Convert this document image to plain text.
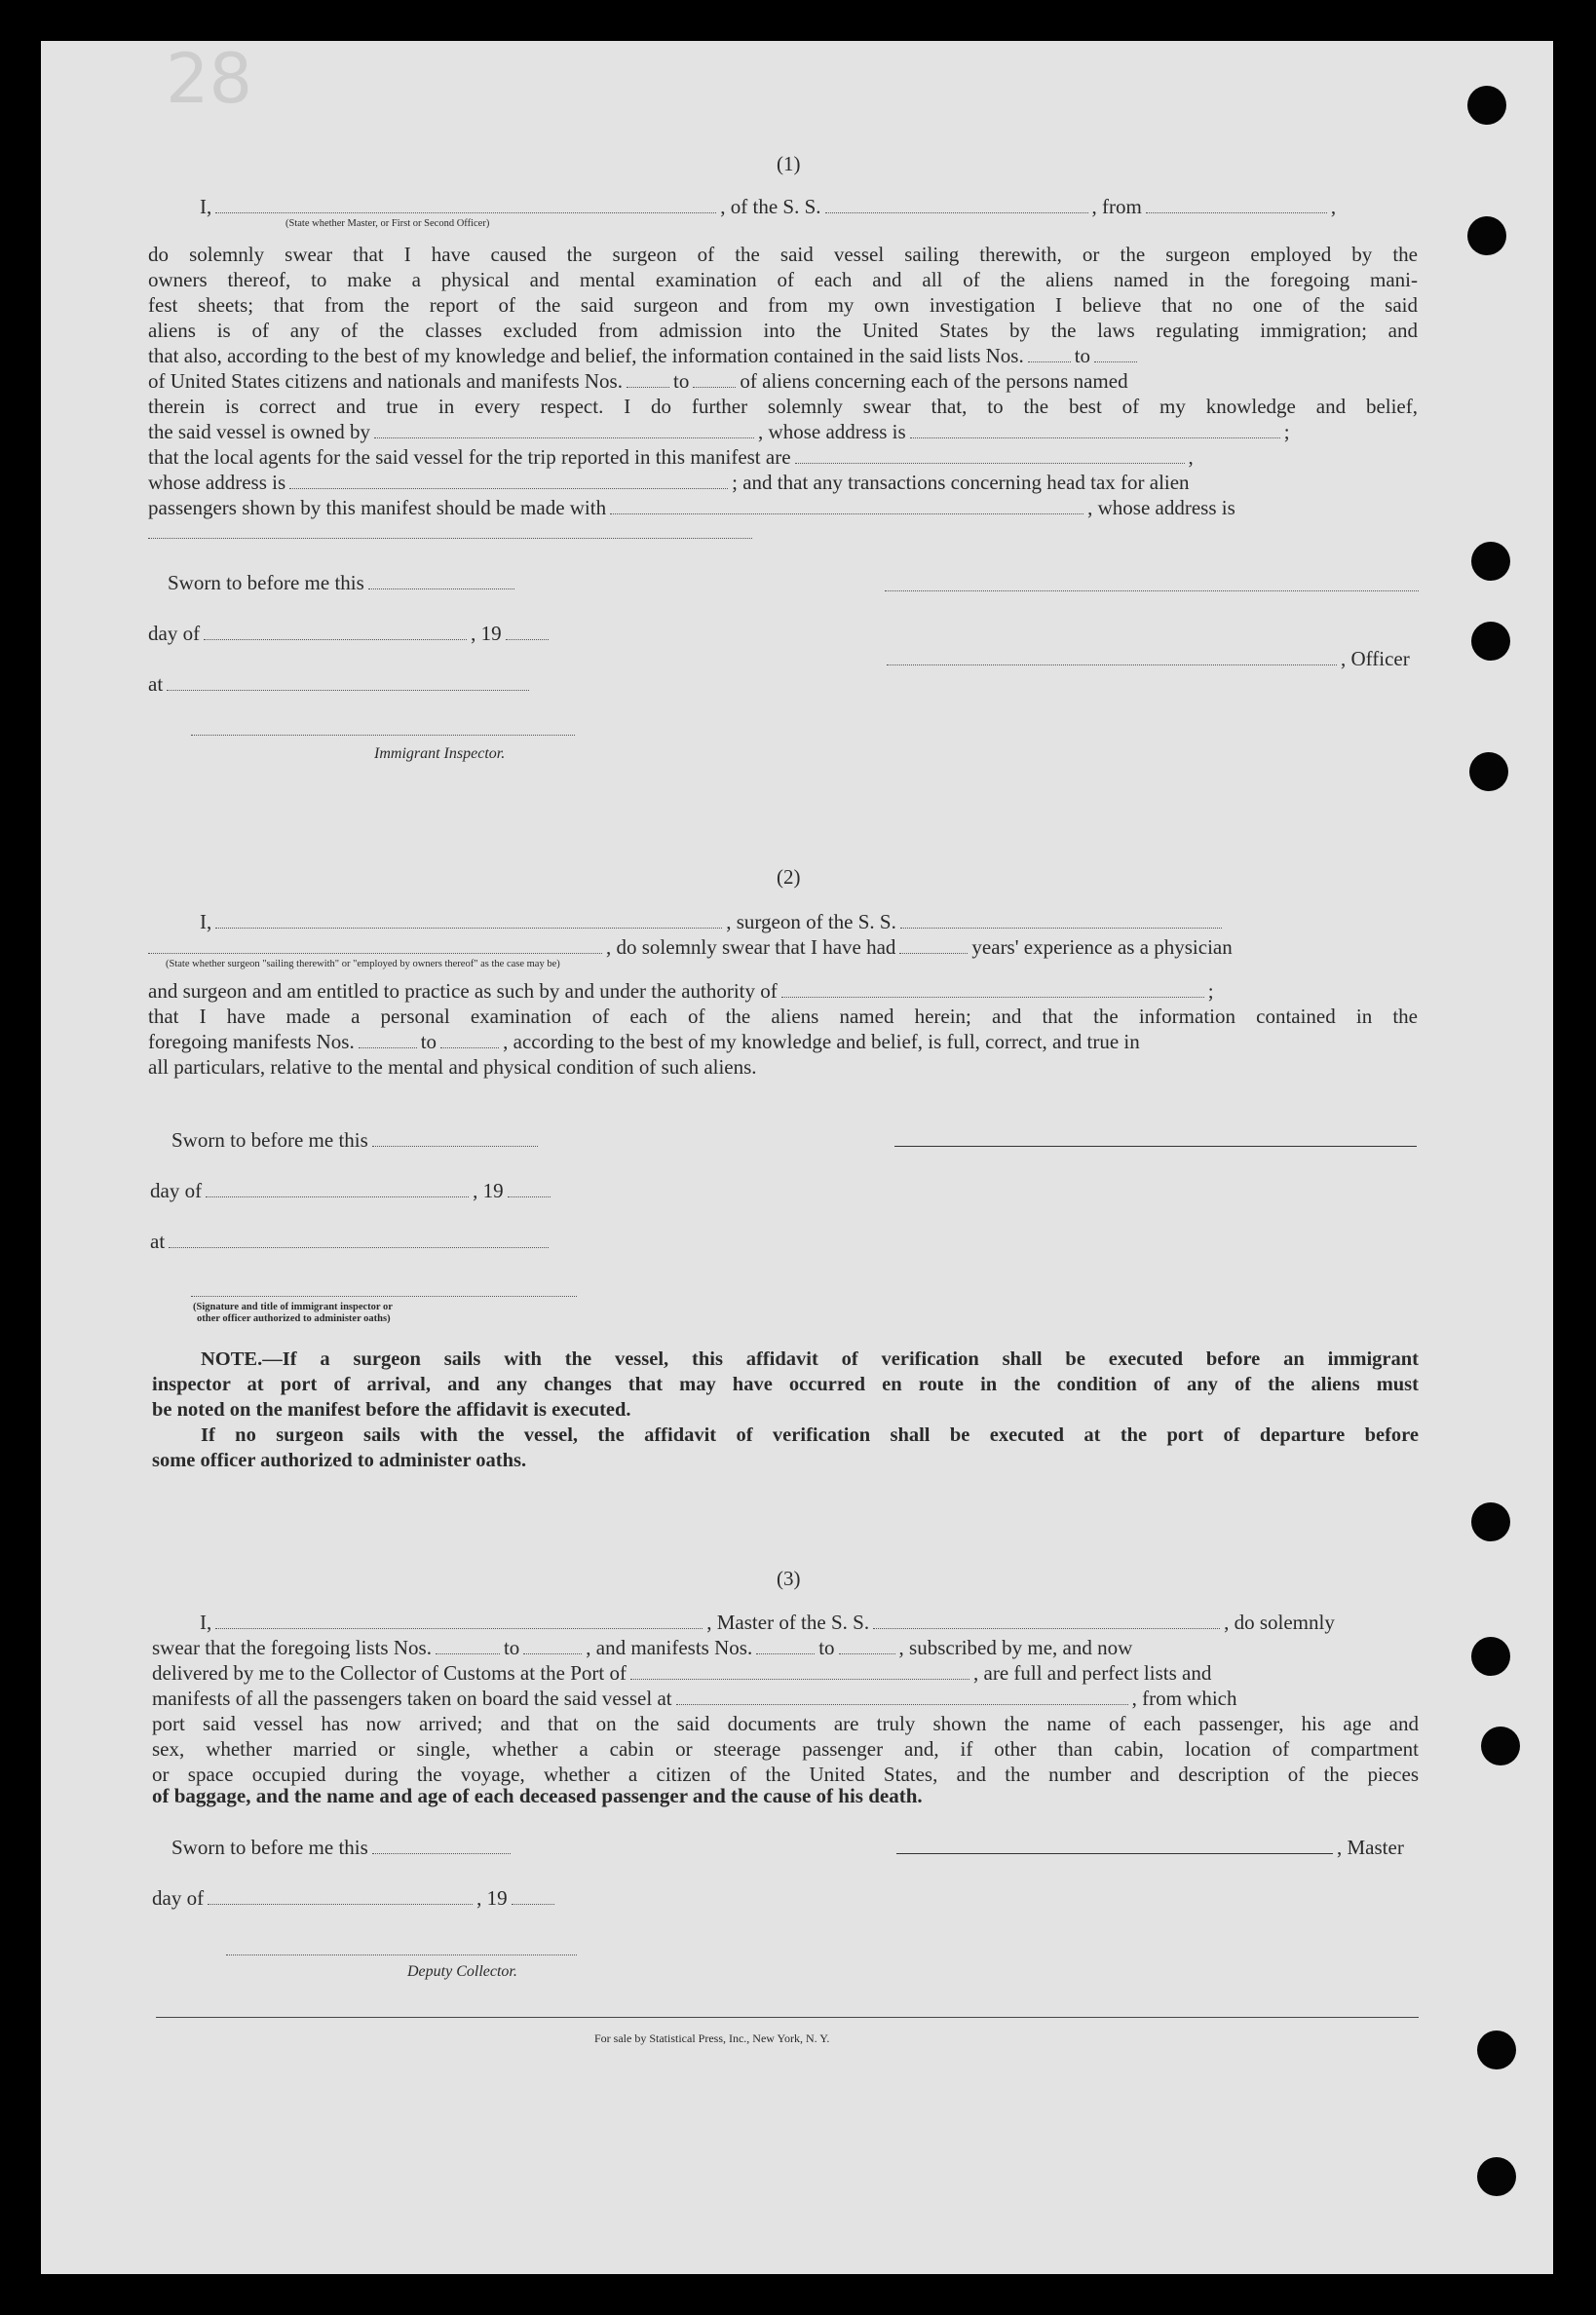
28
(1)
I,	, of the S. S.	, from	,
(State whether Master, or First or Second Officer)
do solemnly swear that I have caused the surgeon of the said vessel sailing therewith, or the surgeon employed by the
owners thereof, to make a physical and mental examination of each and all of the aliens named in the foregoing mani-
fest sheets; that from the report of the said surgeon and from my own investigation I believe that no one of the said
aliens is of any of the classes excluded from admission into the United States by the laws regulating immigration; and
that also, according to the best of my knowledge and belief, the information contained in the said lists Nos. to
of United States citizens and nationals and manifests Nos. to of aliens concerning each of the persons named
therein is correct and true in every respect. I do further solemnly swear that, to the best of my knowledge and belief,
the said vessel is owned by	, whose address is	;
that the local agents for the said vessel for the trip reported in this manifest are	,
whose address is	; and that any transactions concerning head tax for alien
passengers shown by this manifest should be made with	, whose address is
Sworn to before me this
day of	, 19
, Officer
at
Immigrant Inspector.
(2)
I,	, surgeon of the S. S.
, do solemnly swear that I have had	years' experience as a physician
(State whether surgeon "sailing therewith" or "employed by owners thereof" as the case may be)
and surgeon and am entitled to practice as such by and under the authority of	;
that I have made a personal examination of each of the aliens named herein; and that the information contained in the
foregoing manifests Nos.	to	, according to the best of my knowledge and belief, is full, correct, and true in
all particulars, relative to the mental and physical condition of such aliens.
Sworn to before me this
day of	, 19
at
(Signature and title of immigrant inspector or
other officer authorized to administer oaths)
NOTE.—If a surgeon sails with the vessel, this affidavit of verification shall be executed before an immigrant
inspector at port of arrival, and any changes that may have occurred en route in the condition of any of the aliens must
be noted on the manifest before the affidavit is executed.
If no surgeon sails with the vessel, the affidavit of verification shall be executed at the port of departure before
some officer authorized to administer oaths.
(3)
I,	, Master of the S. S.	, do solemnly
swear that the foregoing lists Nos.	to	, and manifests Nos.	to	, subscribed by me, and now
delivered by me to the Collector of Customs at the Port of	, are full and perfect lists and
manifests of all the passengers taken on board the said vessel at	, from which
port said vessel has now arrived; and that on the said documents are truly shown the name of each passenger, his age and
sex, whether married or single, whether a cabin or steerage passenger and, if other than cabin, location of compartment
or space occupied during the voyage, whether a citizen of the United States, and the number and description of the pieces
of baggage, and the name and age of each deceased passenger and the cause of his death.
Sworn to before me this	, Master
day of	, 19
Deputy Collector.
For sale by Statistical Press, Inc., New York, N. Y.
